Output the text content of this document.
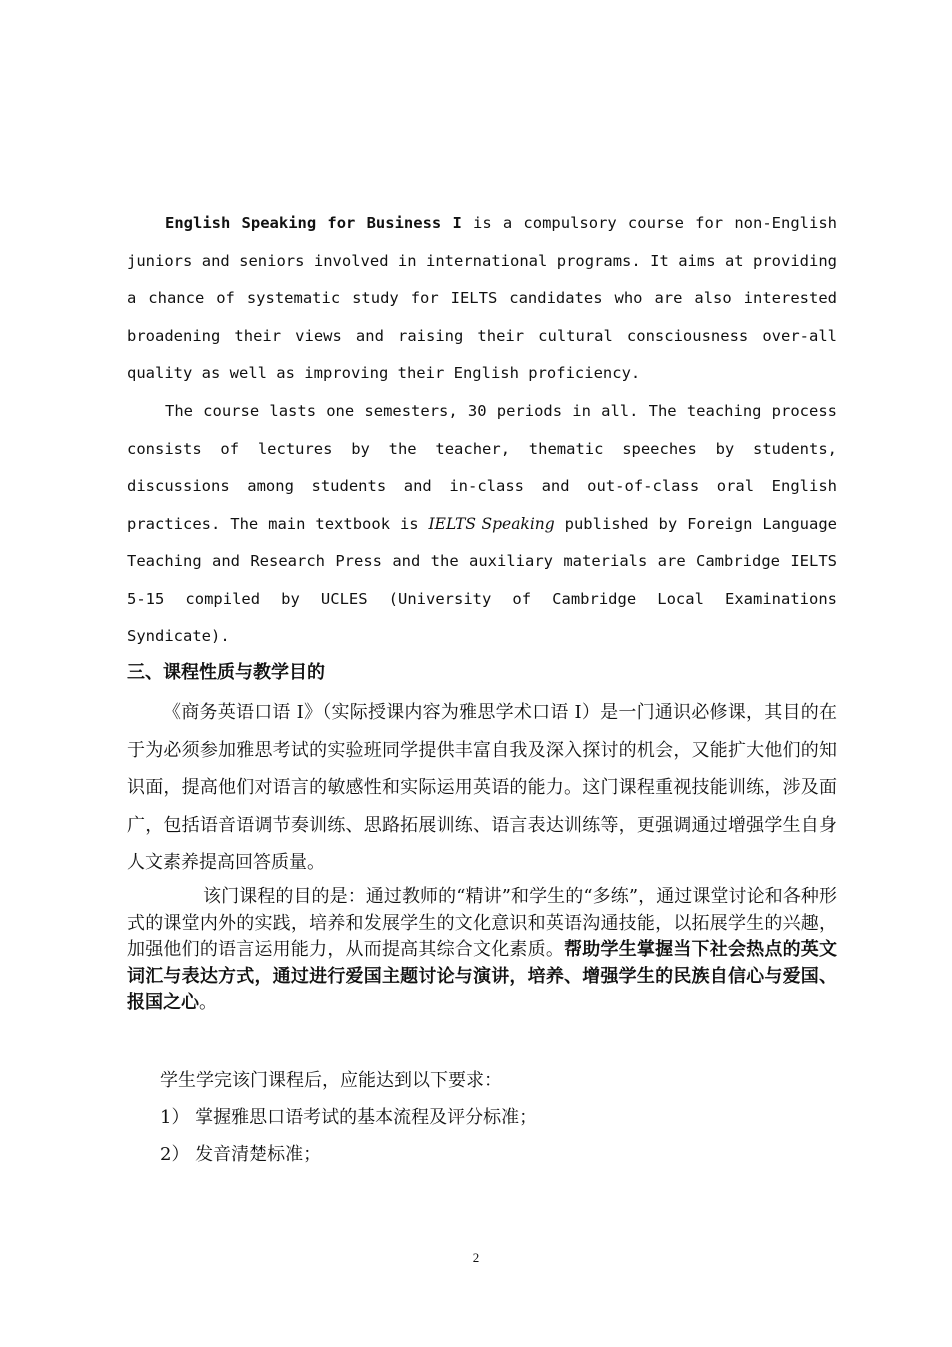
English Speaking for Business I is a compulsory course for non-English juniors and seniors involved in international programs. It aims at providing a chance of systematic study for IELTS candidates who are also interested broadening their views and raising their cultural consciousness over-all quality as well as improving their English proficiency.

The course lasts one semesters, 30 periods in all. The teaching process consists of lectures by the teacher, thematic speeches by students, discussions among students and in-class and out-of-class oral English practices. The main textbook is IELTS Speaking published by Foreign Language Teaching and Research Press and the auxiliary materials are Cambridge IELTS 5-15 compiled by UCLES (University of Cambridge Local Examinations Syndicate).

三、课程性质与教学目的

《商务英语口语 I》（实际授课内容为雅思学术口语 I）是一门通识必修课，其目的在于为必须参加雅思考试的实验班同学提供丰富自我及深入探讨的机会，又能扩大他们的知识面，提高他们对语言的敏感性和实际运用英语的能力。这门课程重视技能训练，涉及面广，包括语音语调节奏训练、思路拓展训练、语言表达训练等，更强调通过增强学生自身人文素养提高回答质量。

该门课程的目的是：通过教师的“精讲”和学生的“多练”，通过课堂讨论和各种形式的课堂内外的实践，培养和发展学生的文化意识和英语沟通技能，以拓展学生的兴趣，加强他们的语言运用能力，从而提高其综合文化素质。帮助学生掌握当下社会热点的英文词汇与表达方式，通过进行爱国主题讨论与演讲，培养、增强学生的民族自信心与爱国、报国之心。

学生学完该门课程后，应能达到以下要求：

1） 掌握雅思口语考试的基本流程及评分标准；

2） 发音清楚标准；

2
